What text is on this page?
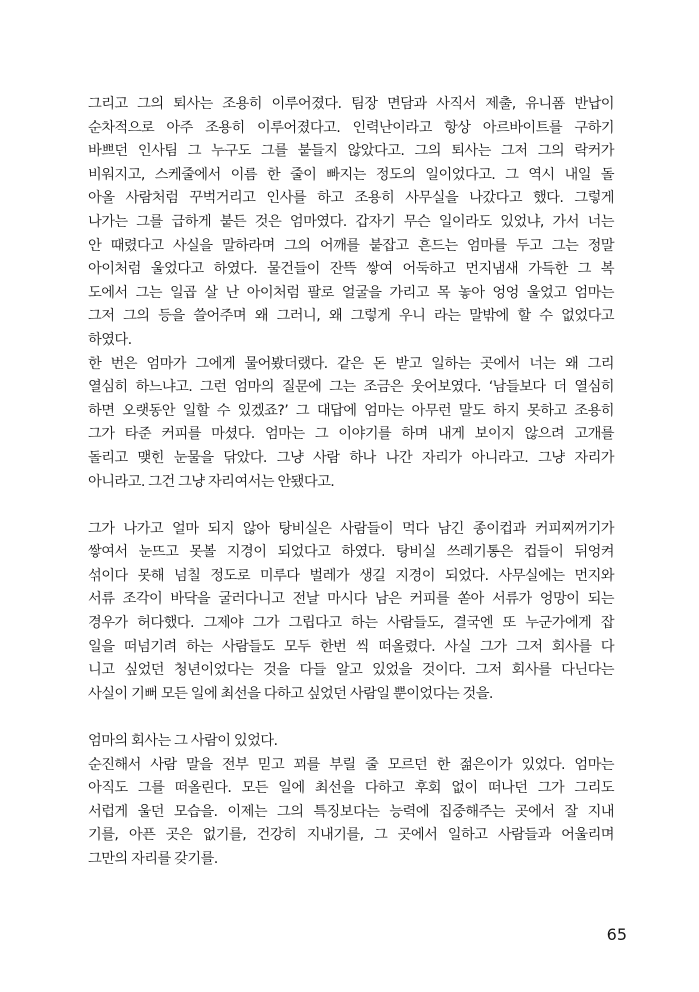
그리고 그의 퇴사는 조용히 이루어졌다. 팀장 면담과 사직서 제출, 유니폼 반납이
순차적으로 아주 조용히 이루어졌다고. 인력난이라고 항상 아르바이트를 구하기
바쁘던 인사팀 그 누구도 그를 붙들지 않았다고. 그의 퇴사는 그저 그의 락커가
비워지고, 스케줄에서 이름 한 줄이 빠지는 정도의 일이었다고. 그 역시 내일 돌
아올 사람처럼 꾸벅거리고 인사를 하고 조용히 사무실을 나갔다고 했다. 그렇게
나가는 그를 급하게 붙든 것은 엄마였다. 갑자기 무슨 일이라도 있었냐, 가서 너는
안 때렸다고 사실을 말하라며 그의 어깨를 붙잡고 흔드는 엄마를 두고 그는 정말
아이처럼 울었다고 하였다. 물건들이 잔뜩 쌓여 어둑하고 먼지냄새 가득한 그 복
도에서 그는 일곱 살 난 아이처럼 팔로 얼굴을 가리고 목 놓아 엉엉 울었고 엄마는
그저 그의 등을 쓸어주며 왜 그러니, 왜 그렇게 우니 라는 말밖에 할 수 없었다고
하였다.
한 번은 엄마가 그에게 물어봤더랬다. 같은 돈 받고 일하는 곳에서 너는 왜 그리
열심히 하느냐고. 그런 엄마의 질문에 그는 조금은 웃어보였다. ‘남들보다 더 열심히
하면 오랫동안 일할 수 있겠죠?’ 그 대답에 엄마는 아무런 말도 하지 못하고 조용히
그가 타준 커피를 마셨다. 엄마는 그 이야기를 하며 내게 보이지 않으려 고개를
돌리고 맺힌 눈물을 닦았다. 그냥 사람 하나 나간 자리가 아니라고. 그냥 자리가
아니라고. 그건 그냥 자리여서는 안됐다고.
그가 나가고 얼마 되지 않아 탕비실은 사람들이 먹다 남긴 종이컵과 커피찌꺼기가
쌓여서 눈뜨고 못볼 지경이 되었다고 하였다. 탕비실 쓰레기통은 컵들이 뒤엉켜
섞이다 못해 넘칠 정도로 미루다 벌레가 생길 지경이 되었다. 사무실에는 먼지와
서류 조각이 바닥을 굴러다니고 전날 마시다 남은 커피를 쏟아 서류가 엉망이 되는
경우가 허다했다. 그제야 그가 그립다고 하는 사람들도, 결국엔 또 누군가에게 잡
일을 떠넘기려 하는 사람들도 모두 한번 씩 떠올렸다. 사실 그가 그저 회사를 다
니고 싶었던 청년이었다는 것을 다들 알고 있었을 것이다. 그저 회사를 다닌다는
사실이 기뻐 모든 일에 최선을 다하고 싶었던 사람일 뿐이었다는 것을.
엄마의 회사는 그 사람이 있었다.
순진해서 사람 말을 전부 믿고 꾀를 부릴 줄 모르던 한 젊은이가 있었다. 엄마는
아직도 그를 떠올린다. 모든 일에 최선을 다하고 후회 없이 떠나던 그가 그리도
서럽게 울던 모습을. 이제는 그의 특징보다는 능력에 집중해주는 곳에서 잘 지내
기를, 아픈 곳은 없기를, 건강히 지내기를, 그 곳에서 일하고 사람들과 어울리며
그만의 자리를 갖기를.
65
